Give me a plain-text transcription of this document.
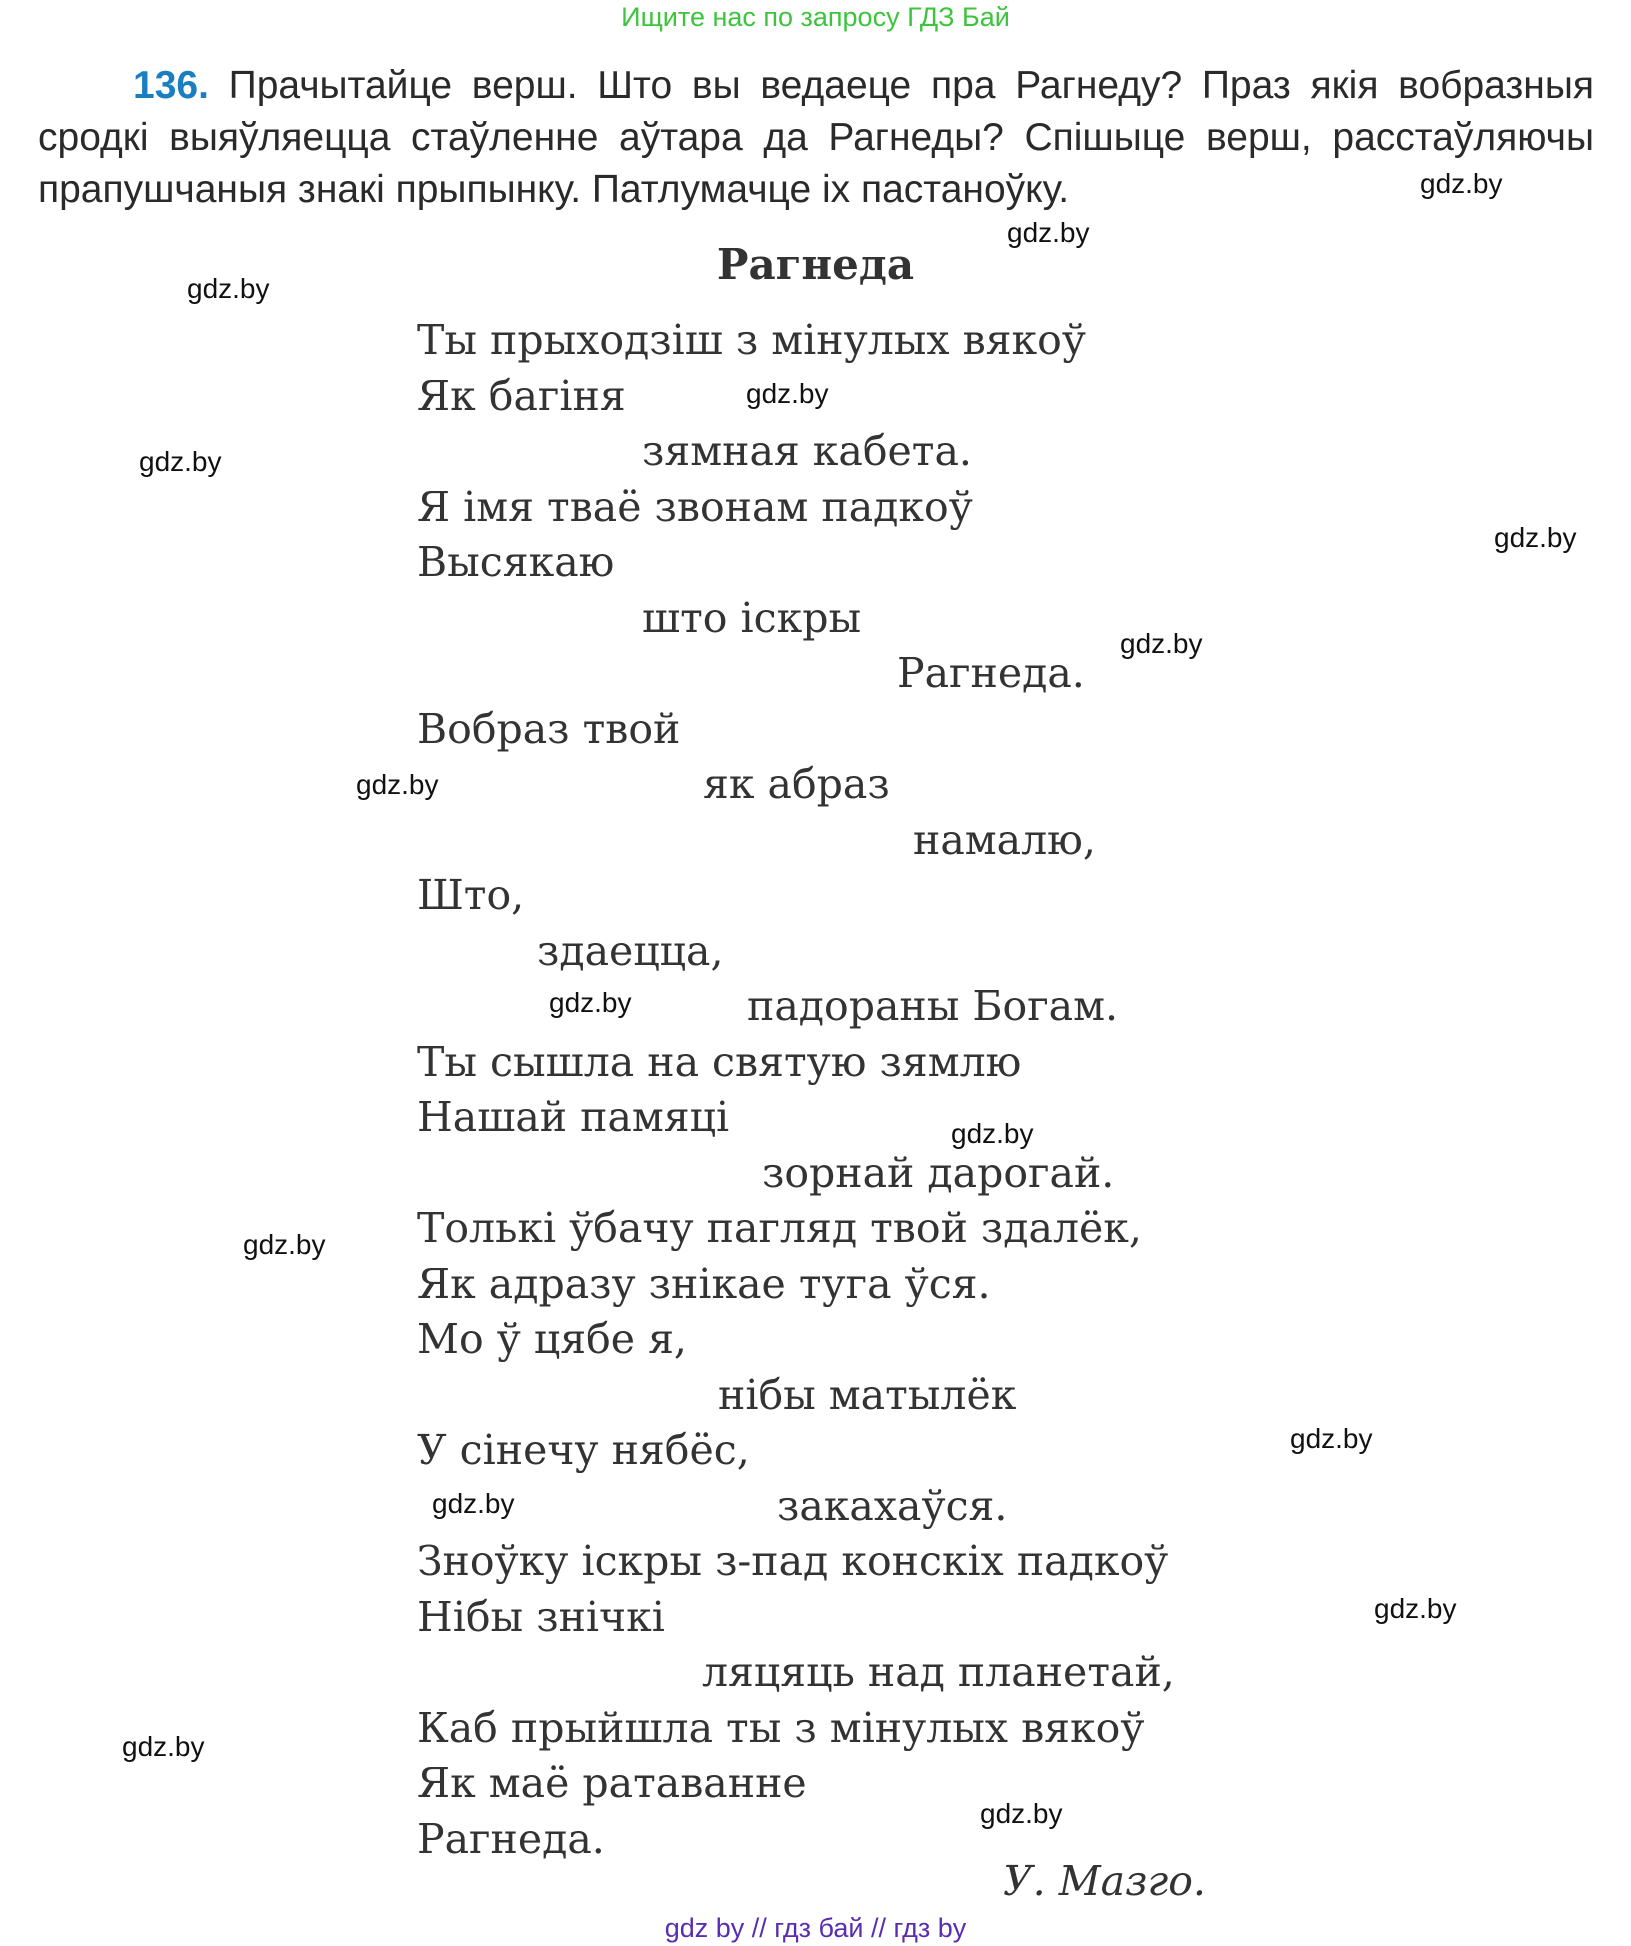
Ищите нас по запросу ГДЗ Бай
136. Прачытайце верш. Што вы ведаеце пра Рагнеду? Праз якія вобразныя сродкі выяўляецца стаўленне аўтара да Рагнеды? Спішыце верш, расстаўляючы прапушчаныя знакі прыпынку. Патлумачце іх пастаноўку.
Рагнеда
Ты прыходзіш з мінулых вякоў
Як багіня
зямная кабета.
Я імя тваё звонам падкоў
Высякаю
што іскры
Рагнеда.
Вобраз твой
як абраз
намалю,
Што,
здаецца,
падораны Богам.
Ты сышла на святую зямлю
Нашай памяці
зорнай дарогай.
Толькі ўбачу пагляд твой здалёк,
Як адразу знікае туга ўся.
Мо ў цябе я,
нібы матылёк
У сінечу нябёс,
закахаўся.
Зноўку іскры з-пад конскіх падкоў
Нібы знічкі
ляцяць над планетай,
Каб прыйшла ты з мінулых вякоў
Як маё ратаванне
Рагнеда.
У. Мазго.
gdz.by
gdz.by
gdz.by
gdz.by
gdz.by
gdz.by
gdz.by
gdz.by
gdz.by
gdz.by
gdz.by
gdz.by
gdz.by
gdz.by
gdz.by
gdz.by
gdz by // гдз бай // гдз by
